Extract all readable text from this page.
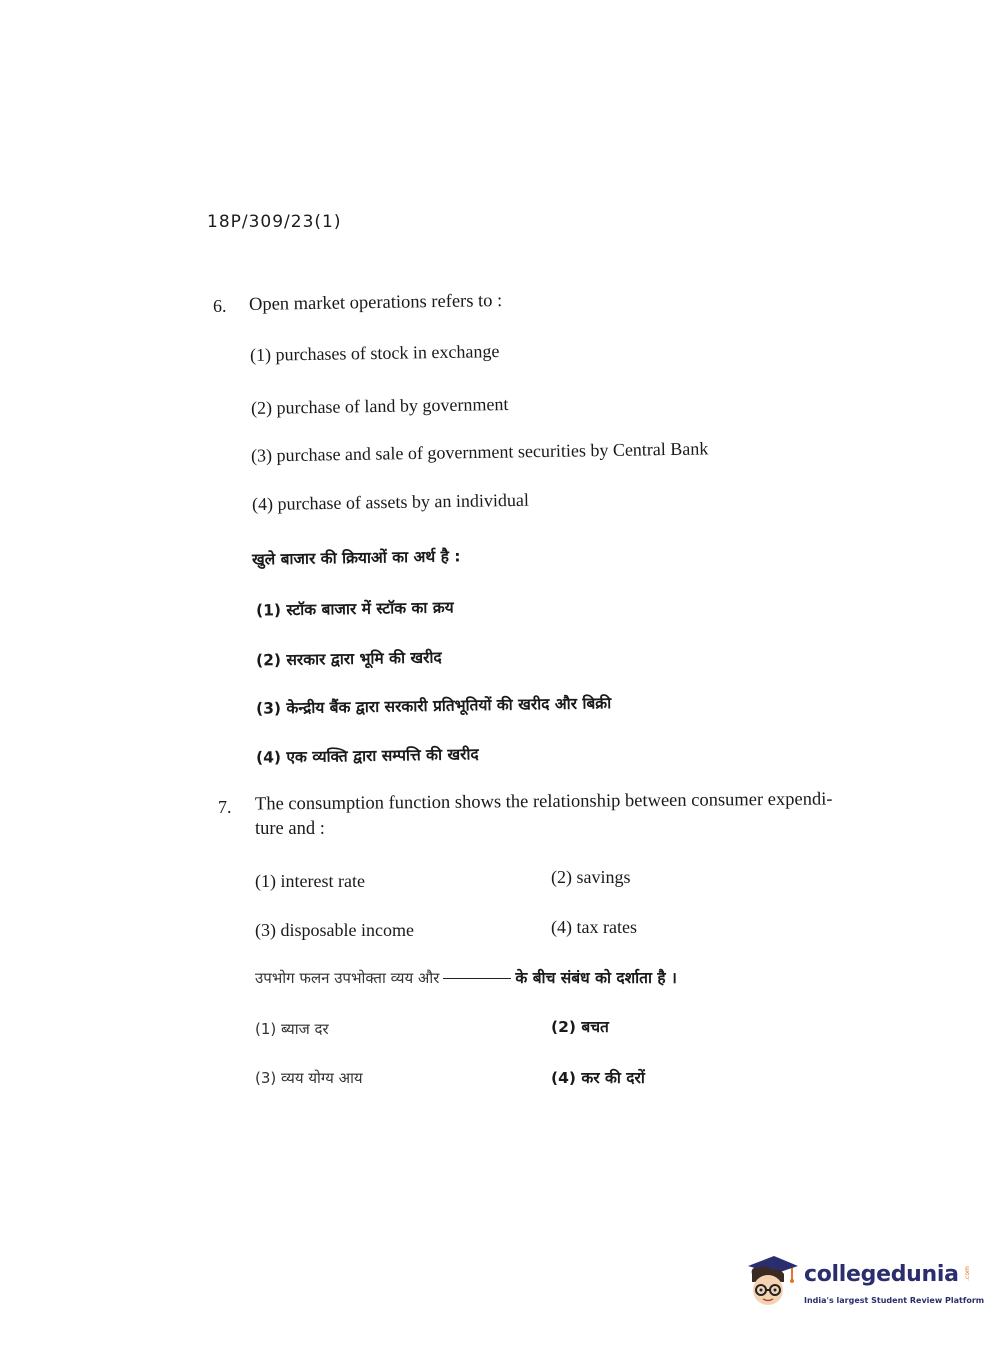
18P/309/23(1)
6. Open market operations refers to :
(1) purchases of stock in exchange
(2) purchase of land by government
(3) purchase and sale of government securities by Central Bank
(4) purchase of assets by an individual
खुले बाजार की क्रियाओं का अर्थ है :
(1) स्टॉक बाजार में स्टॉक का क्रय
(2) सरकार द्वारा भूमि की खरीद
(3) केन्द्रीय बैंक द्वारा सरकारी प्रतिभूतियों की खरीद और बिक्री
(4) एक व्यक्ति द्वारा सम्पत्ति की खरीद
7. The consumption function shows the relationship between consumer expendi-
ture and :
(1) interest rate	(2) savings
(3) disposable income	(4) tax rates
उपभोग फलन उपभोक्ता व्यय और	के बीच संबंध को दर्शाता है ।
(1) ब्याज दर	(2) बचत
(3) व्यय योग्य आय	(4) कर की दरों
collegedunia .com
India's largest Student Review Platform
